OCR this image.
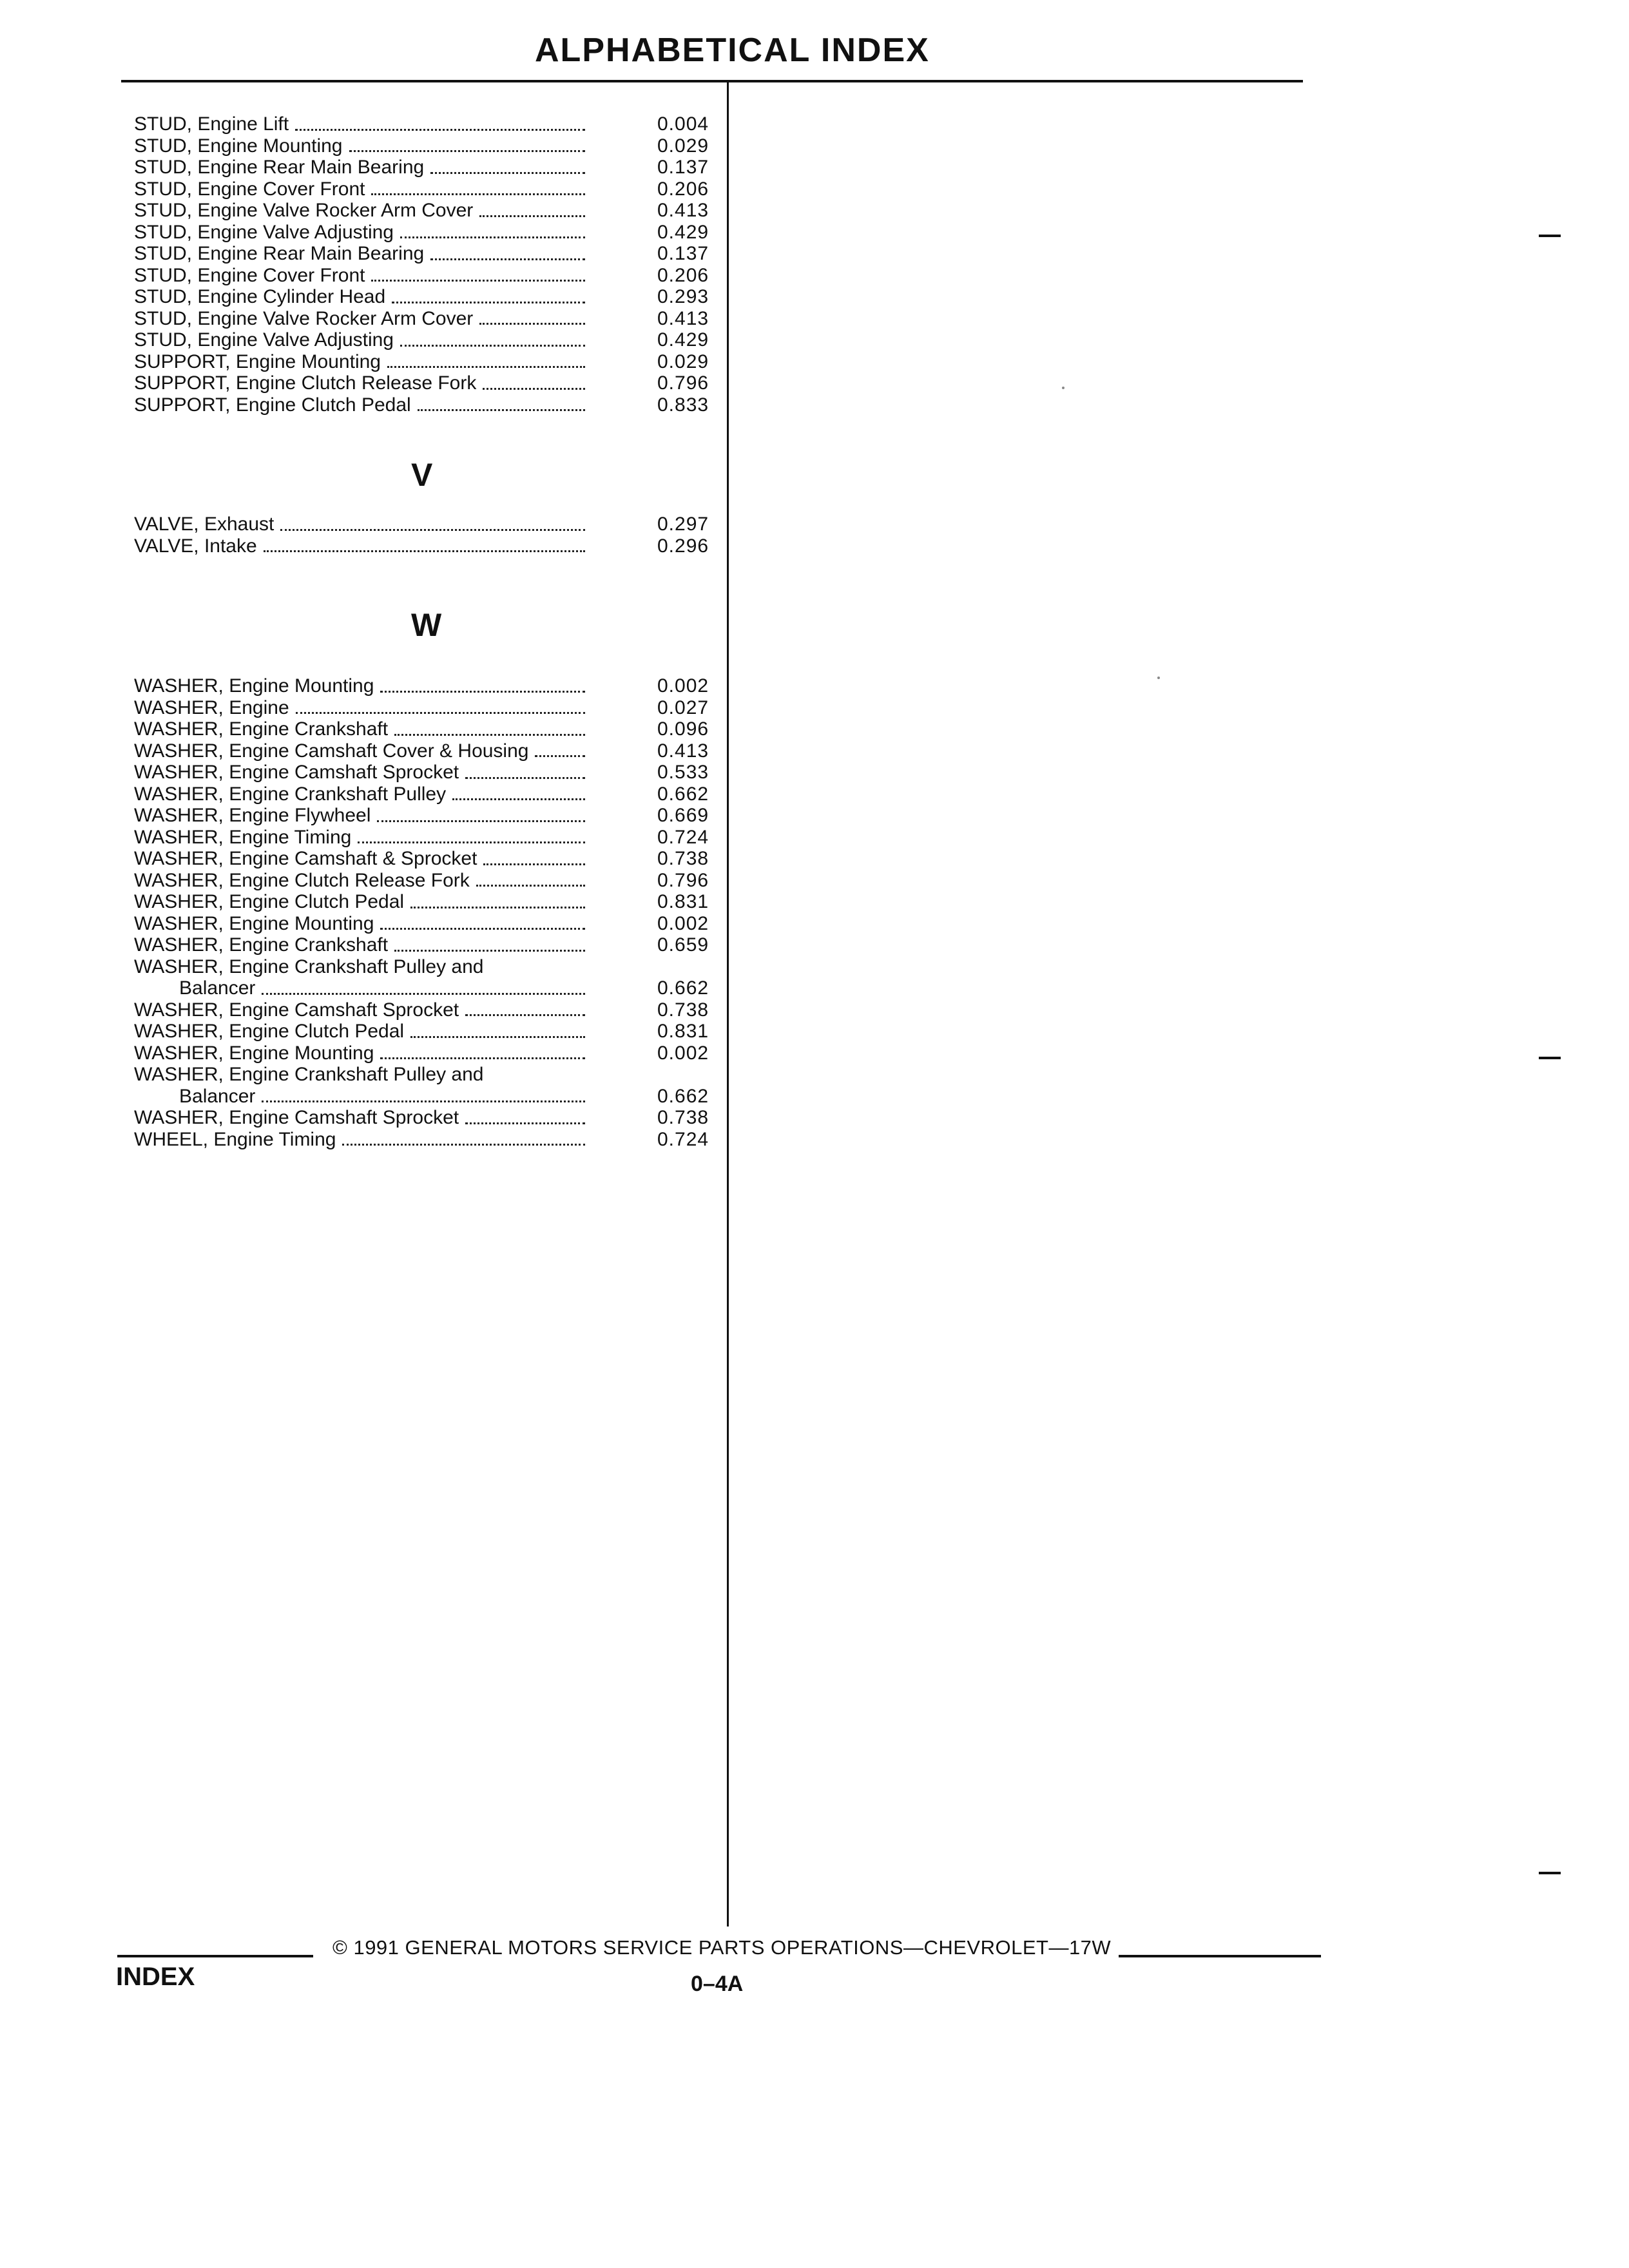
ALPHABETICAL INDEX
STUD, Engine Lift	0.004
STUD, Engine Mounting	0.029
STUD, Engine Rear Main Bearing	0.137
STUD, Engine Cover Front	0.206
STUD, Engine Valve Rocker Arm Cover	0.413
STUD, Engine Valve Adjusting	0.429
STUD, Engine Rear Main Bearing	0.137
STUD, Engine Cover Front	0.206
STUD, Engine Cylinder Head	0.293
STUD, Engine Valve Rocker Arm Cover	0.413
STUD, Engine Valve Adjusting	0.429
SUPPORT, Engine Mounting	0.029
SUPPORT, Engine Clutch Release Fork	0.796
SUPPORT, Engine Clutch Pedal	0.833
V
VALVE, Exhaust	0.297
VALVE, Intake	0.296
W
WASHER, Engine Mounting	0.002
WASHER, Engine	0.027
WASHER, Engine Crankshaft	0.096
WASHER, Engine Camshaft Cover & Housing	0.413
WASHER, Engine Camshaft Sprocket	0.533
WASHER, Engine Crankshaft Pulley	0.662
WASHER, Engine Flywheel	0.669
WASHER, Engine Timing	0.724
WASHER, Engine Camshaft & Sprocket	0.738
WASHER, Engine Clutch Release Fork	0.796
WASHER, Engine Clutch Pedal	0.831
WASHER, Engine Mounting	0.002
WASHER, Engine Crankshaft	0.659
WASHER, Engine Crankshaft Pulley and
Balancer	0.662
WASHER, Engine Camshaft Sprocket	0.738
WASHER, Engine Clutch Pedal	0.831
WASHER, Engine Mounting	0.002
WASHER, Engine Crankshaft Pulley and
Balancer	0.662
WASHER, Engine Camshaft Sprocket	0.738
WHEEL, Engine Timing	0.724
© 1991 GENERAL MOTORS SERVICE PARTS OPERATIONS—CHEVROLET—17W
INDEX	0–4A
